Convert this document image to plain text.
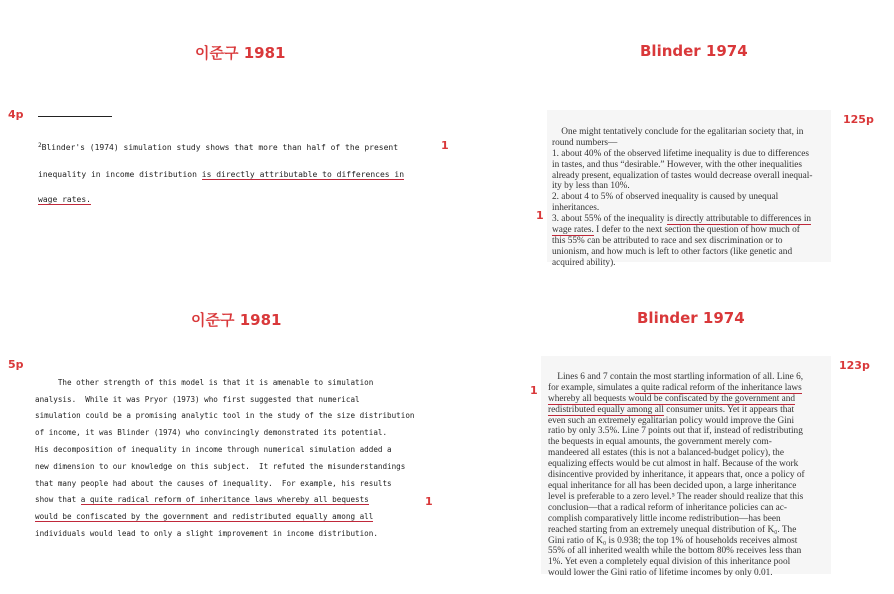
이준구 1981	Blinder 1974
이준구 1981	Blinder 1974
4p	125p
5p	123p
1
1
1
1

$^2$Blinder's (1974) simulation study shows that more than half of the present

inequality in income distribution is directly attributable to differences in

wage rates.

One might tentatively conclude for the egalitarian society that, in
round numbers—
1. about 40% of the observed lifetime inequality is due to differences
in tastes, and thus “desirable.” However, with the other inequalities
already present, equalization of tastes would decrease overall inequal-
ity by less than 10%.
2. about 4 to 5% of observed inequality is caused by unequal
inheritances.
3. about 55% of the inequality is directly attributable to differences in
wage rates. I defer to the next section the question of how much of
this 55% can be attributed to race and sex discrimination or to
unionism, and how much is left to other factors (like genetic and
acquired ability).

The other strength of this model is that it is amenable to simulation
analysis.  While it was Pryor (1973) who first suggested that numerical
simulation could be a promising analytic tool in the study of the size distribution
of income, it was Blinder (1974) who convincingly demonstrated its potential.
His decomposition of inequality in income through numerical simulation added a
new dimension to our knowledge on this subject.  It refuted the misunderstandings
that many people had about the causes of inequality.  For example, his results
show that a quite radical reform of inheritance laws whereby all bequests
would be confiscated by the government and redistributed equally among all
individuals would lead to only a slight improvement in income distribution.

Lines 6 and 7 contain the most startling information of all. Line 6,
for example, simulates a quite radical reform of the inheritance laws
whereby all bequests would be confiscated by the government and
redistributed equally among all consumer units. Yet it appears that
even such an extremely egalitarian policy would improve the Gini
ratio by only 3.5%. Line 7 points out that if, instead of redistributing
the bequests in equal amounts, the government merely com-
mandeered all estates (this is not a balanced-budget policy), the
equalizing effects would be cut almost in half. Because of the work
disincentive provided by inheritance, it appears that, once a policy of
equal inheritance for all has been decided upon, a large inheritance
level is preferable to a zero level.⁵ The reader should realize that this
conclusion—that a radical reform of inheritance policies can ac-
complish comparatively little income redistribution—has been
reached starting from an extremely unequal distribution of K₀. The
Gini ratio of K₀ is 0.938; the top 1% of households receives almost
55% of all inherited wealth while the bottom 80% receives less than
1%. Yet even a completely equal division of this inheritance pool
would lower the Gini ratio of lifetime incomes by only 0.01.
